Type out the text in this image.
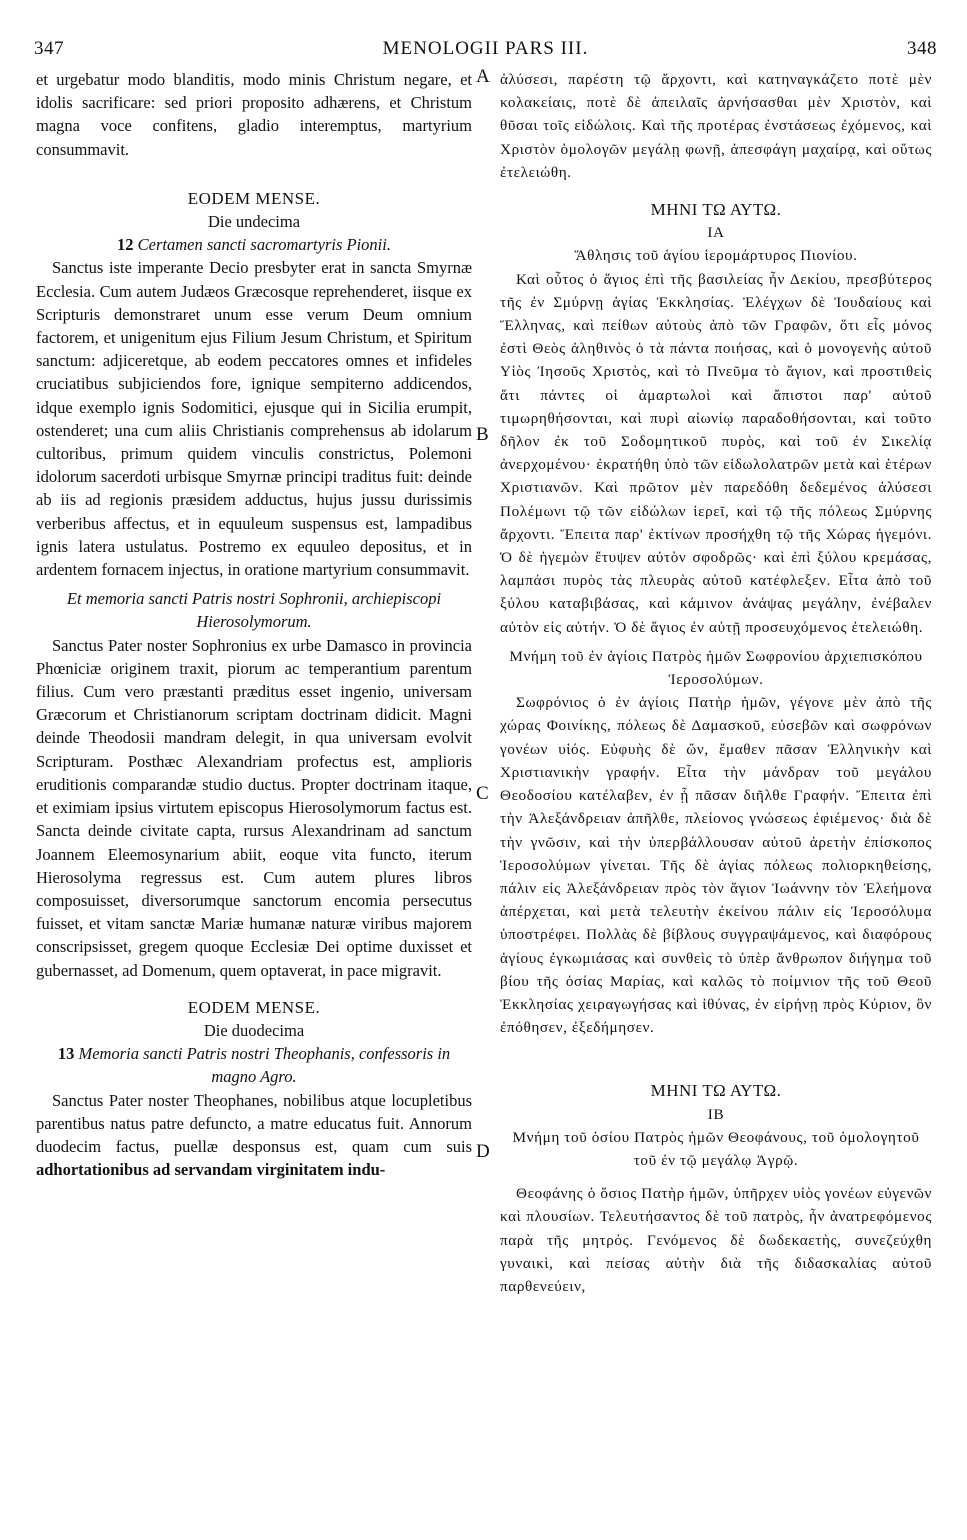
347	MENOLOGII PARS III.	348
A
B
C
D

et urgebatur modo blanditis, modo minis Christum negare, et idolis sacrificare: sed priori proposito adhærens, et Christum magna voce confitens, gladio interemptus, martyrium consummavit.

EODEM MENSE.
Die undecima
12 Certamen sancti sacromartyris Pionii.

Sanctus iste imperante Decio presbyter erat in sancta Smyrnæ Ecclesia. Cum autem Judæos Græcosque reprehenderet, iisque ex Scripturis demonstraret unum esse verum Deum omnium factorem, et unigenitum ejus Filium Jesum Christum, et Spiritum sanctum: adjiceretque, ab eodem peccatores omnes et infideles cruciatibus subjiciendos fore, ignique sempiterno addicendos, idque exemplo ignis Sodomitici, ejusque qui in Sicilia erumpit, ostenderet; una cum aliis Christianis comprehensus ab idolarum cultoribus, primum quidem vinculis constrictus, Polemoni idolorum sacerdoti urbisque Smyrnæ principi traditus fuit: deinde ab iis ad regionis præsidem adductus, hujus jussu durissimis verberibus affectus, et in equuleum suspensus est, lampadibus ignis latera ustulatus. Postremo ex equuleo depositus, et in ardentem fornacem injectus, in oratione martyrium consummavit.

Et memoria sancti Patris nostri Sophronii, archiepiscopi Hierosolymorum.

Sanctus Pater noster Sophronius ex urbe Damasco in provincia Phœniciæ originem traxit, piorum ac temperantium parentum filius. Cum vero præstanti præditus esset ingenio, universam Græcorum et Christianorum scriptam doctrinam didicit. Magni deinde Theodosii mandram delegit, in qua universam evolvit Scripturam. Posthæc Alexandriam profectus est, amplioris eruditionis comparandæ studio ductus. Propter doctrinam itaque, et eximiam ipsius virtutem episcopus Hierosolymorum factus est. Sancta deinde civitate capta, rursus Alexandrinam ad sanctum Joannem Eleemosynarium abiit, eoque vita functo, iterum Hierosolyma regressus est. Cum autem plures libros composuisset, diversorumque sanctorum encomia persecutus fuisset, et vitam sanctæ Mariæ humanæ naturæ viribus majorem conscripsisset, gregem quoque Ecclesiæ Dei optime duxisset et gubernasset, ad Domenum, quem optaverat, in pace migravit.

EODEM MENSE.
Die duodecima
13 Memoria sancti Patris nostri Theophanis, confessoris in magno Agro.

Sanctus Pater noster Theophanes, nobilibus atque locupletibus parentibus natus patre defuncto, a matre educatus fuit. Annorum duodecim factus, puellæ desponsus est, quam cum suis adhortationibus ad servandam virginitatem indu-

ἀλύσεσι, παρέστη τῷ ἄρχοντι, καὶ κατηναγκάζετο ποτὲ μὲν κολακείαις, ποτὲ δὲ ἀπειλαῖς ἀρνήσασθαι μὲν Χριστὸν, καὶ θῦσαι τοῖς εἰδώλοις. Καὶ τῆς προτέρας ἐνστάσεως ἐχόμενος, καὶ Χριστὸν ὁμολογῶν μεγάλῃ φωνῇ, ἀπεσφάγη μαχαίρᾳ, καὶ οὕτως ἐτελειώθη.

ΜΗΝΙ ΤΩ ΑΥΤΩ.
ΙΑ
Ἄθλησις τοῦ ἁγίου ἱερομάρτυρος Πιονίου.

Καὶ οὗτος ὁ ἅγιος ἐπὶ τῆς βασιλείας ἦν Δεκίου, πρεσβύτερος τῆς ἐν Σμύρνῃ ἁγίας Ἐκκλησίας. Ἐλέγχων δὲ Ἰουδαίους καὶ Ἕλληνας, καὶ πείθων αὐτοὺς ἀπὸ τῶν Γραφῶν, ὅτι εἷς μόνος ἐστὶ Θεὸς ἀληθινὸς ὁ τὰ πάντα ποιήσας, καὶ ὁ μονογενὴς αὐτοῦ Υἱὸς Ἰησοῦς Χριστὸς, καὶ τὸ Πνεῦμα τὸ ἅγιον, καὶ προστιθεὶς ἅτι πάντες οἱ ἁμαρτωλοὶ καὶ ἄπιστοι παρ' αὐτοῦ τιμωρηθήσονται, καὶ πυρὶ αἰωνίῳ παραδοθήσονται, καὶ τοῦτο δῆλον ἐκ τοῦ Σοδομητικοῦ πυρὸς, καὶ τοῦ ἐν Σικελίᾳ ἀνερχομένου· ἐκρατήθη ὑπὸ τῶν εἰδωλολατρῶν μετὰ καὶ ἑτέρων Χριστιανῶν. Καὶ πρῶτον μὲν παρεδόθη δεδεμένος ἀλύσεσι Πολέμωνι τῷ τῶν εἰδώλων ἱερεῖ, καὶ τῷ τῆς πόλεως Σμύρνης ἄρχοντι. Ἔπειτα παρ' ἐκτίνων προσήχθη τῷ τῆς Χώρας ἡγεμόνι. Ὁ δὲ ἡγεμὼν ἔτυψεν αὐτὸν σφοδρῶς· καὶ ἐπὶ ξύλου κρεμάσας, λαμπάσι πυρὸς τὰς πλευρὰς αὐτοῦ κατέφλεξεν. Εἶτα ἀπὸ τοῦ ξύλου καταβιβάσας, καὶ κάμινον ἀνάψας μεγάλην, ἐνέβαλεν αὐτὸν εἰς αὐτήν. Ὁ δὲ ἅγιος ἐν αὐτῇ προσευχόμενος ἐτελειώθη.

Μνήμη τοῦ ἐν ἁγίοις Πατρὸς ἡμῶν Σωφρονίου ἀρχιεπισκόπου Ἱεροσολύμων.

Σωφρόνιος ὁ ἐν ἁγίοις Πατὴρ ἡμῶν, γέγονε μὲν ἀπὸ τῆς χώρας Φοινίκης, πόλεως δὲ Δαμασκοῦ, εὐσεβῶν καὶ σωφρόνων γονέων υἱός. Εὐφυὴς δὲ ὤν, ἔμαθεν πᾶσαν Ἑλληνικὴν καὶ Χριστιανικὴν γραφήν. Εἶτα τὴν μάνδραν τοῦ μεγάλου Θεοδοσίου κατέλαβεν, ἐν ᾗ πᾶσαν διῆλθε Γραφήν. Ἔπειτα ἐπὶ τὴν Ἀλεξάνδρειαν ἀπῆλθε, πλείονος γνώσεως ἐφιέμενος· διὰ δὲ τὴν γνῶσιν, καὶ τὴν ὑπερβάλλουσαν αὐτοῦ ἀρετὴν ἐπίσκοπος Ἱεροσολύμων γίνεται. Τῆς δὲ ἁγίας πόλεως πολιορκηθείσης, πάλιν εἰς Ἀλεξάνδρειαν πρὸς τὸν ἅγιον Ἰωάννην τὸν Ἐλεήμονα ἀπέρχεται, καὶ μετὰ τελευτὴν ἐκείνου πάλιν εἰς Ἱεροσόλυμα ὑποστρέφει. Πολλὰς δὲ βίβλους συγγραψάμενος, καὶ διαφόρους ἁγίους ἐγκωμιάσας καὶ συνθεὶς τὸ ὑπὲρ ἄνθρωπον διήγημα τοῦ βίου τῆς ὁσίας Μαρίας, καὶ καλῶς τὸ ποίμνιον τῆς τοῦ Θεοῦ Ἐκκλησίας χειραγωγήσας καὶ ἰθύνας, ἐν εἰρήνῃ πρὸς Κύριον, ὃν ἐπόθησεν, ἐξεδήμησεν.

ΜΗΝΙ ΤΩ ΑΥΤΩ.
ΙΒ
Μνήμη τοῦ ὁσίου Πατρὸς ἡμῶν Θεοφάνους, τοῦ ὁμολογητοῦ τοῦ ἐν τῷ μεγάλῳ Ἀγρῷ.

Θεοφάνης ὁ ὅσιος Πατὴρ ἡμῶν, ὑπῆρχεν υἱὸς γονέων εὐγενῶν καὶ πλουσίων. Τελευτήσαντος δὲ τοῦ πατρὸς, ἦν ἀνατρεφόμενος παρὰ τῆς μητρός. Γενόμενος δὲ δωδεκαετὴς, συνεζεύχθη γυναικὶ, καὶ πείσας αὐτὴν διὰ τῆς διδασκαλίας αὐτοῦ παρθενεύειν,
